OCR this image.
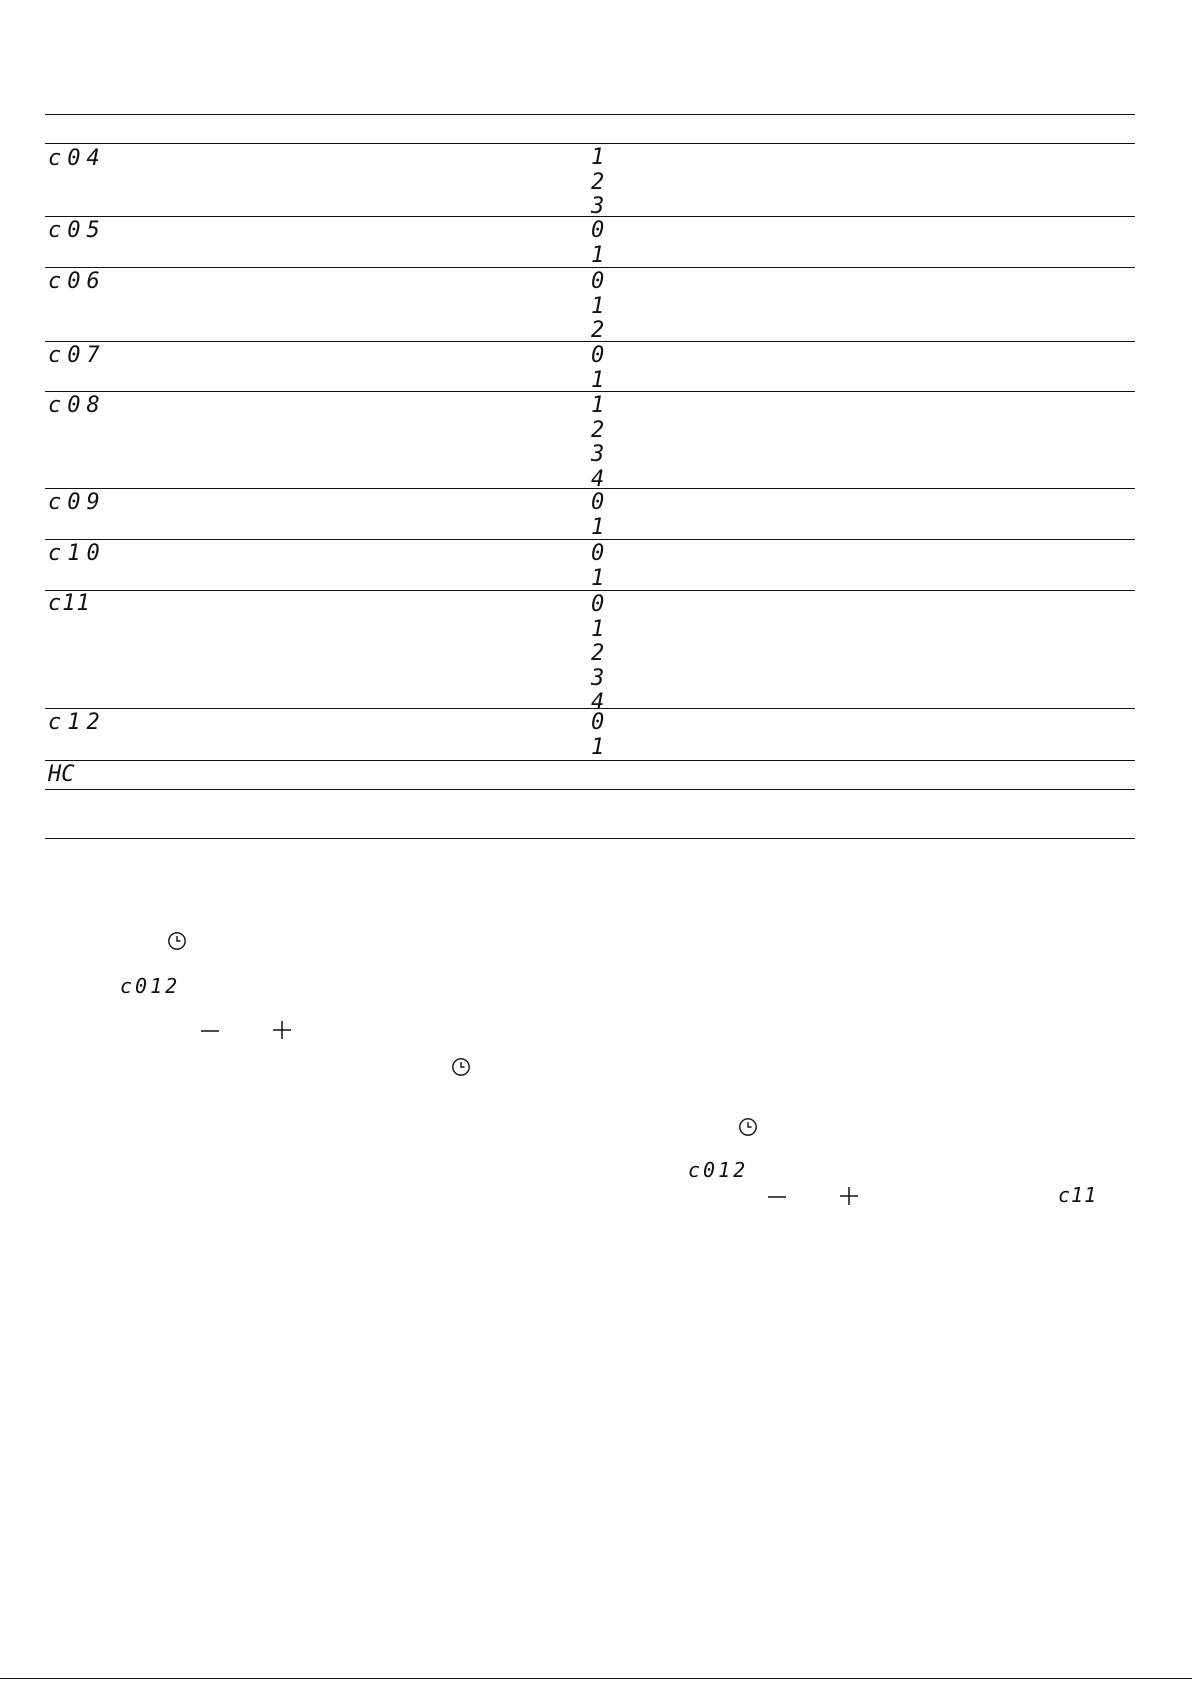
c04	1
2
3
c05	0
1
c06	0
1
2
c07	0
1
c08	1
2
3
4
c09	0
1
c10	0
1
c11	0
1
2
3
4
c12	0
1
HC
c012
c012
c11
